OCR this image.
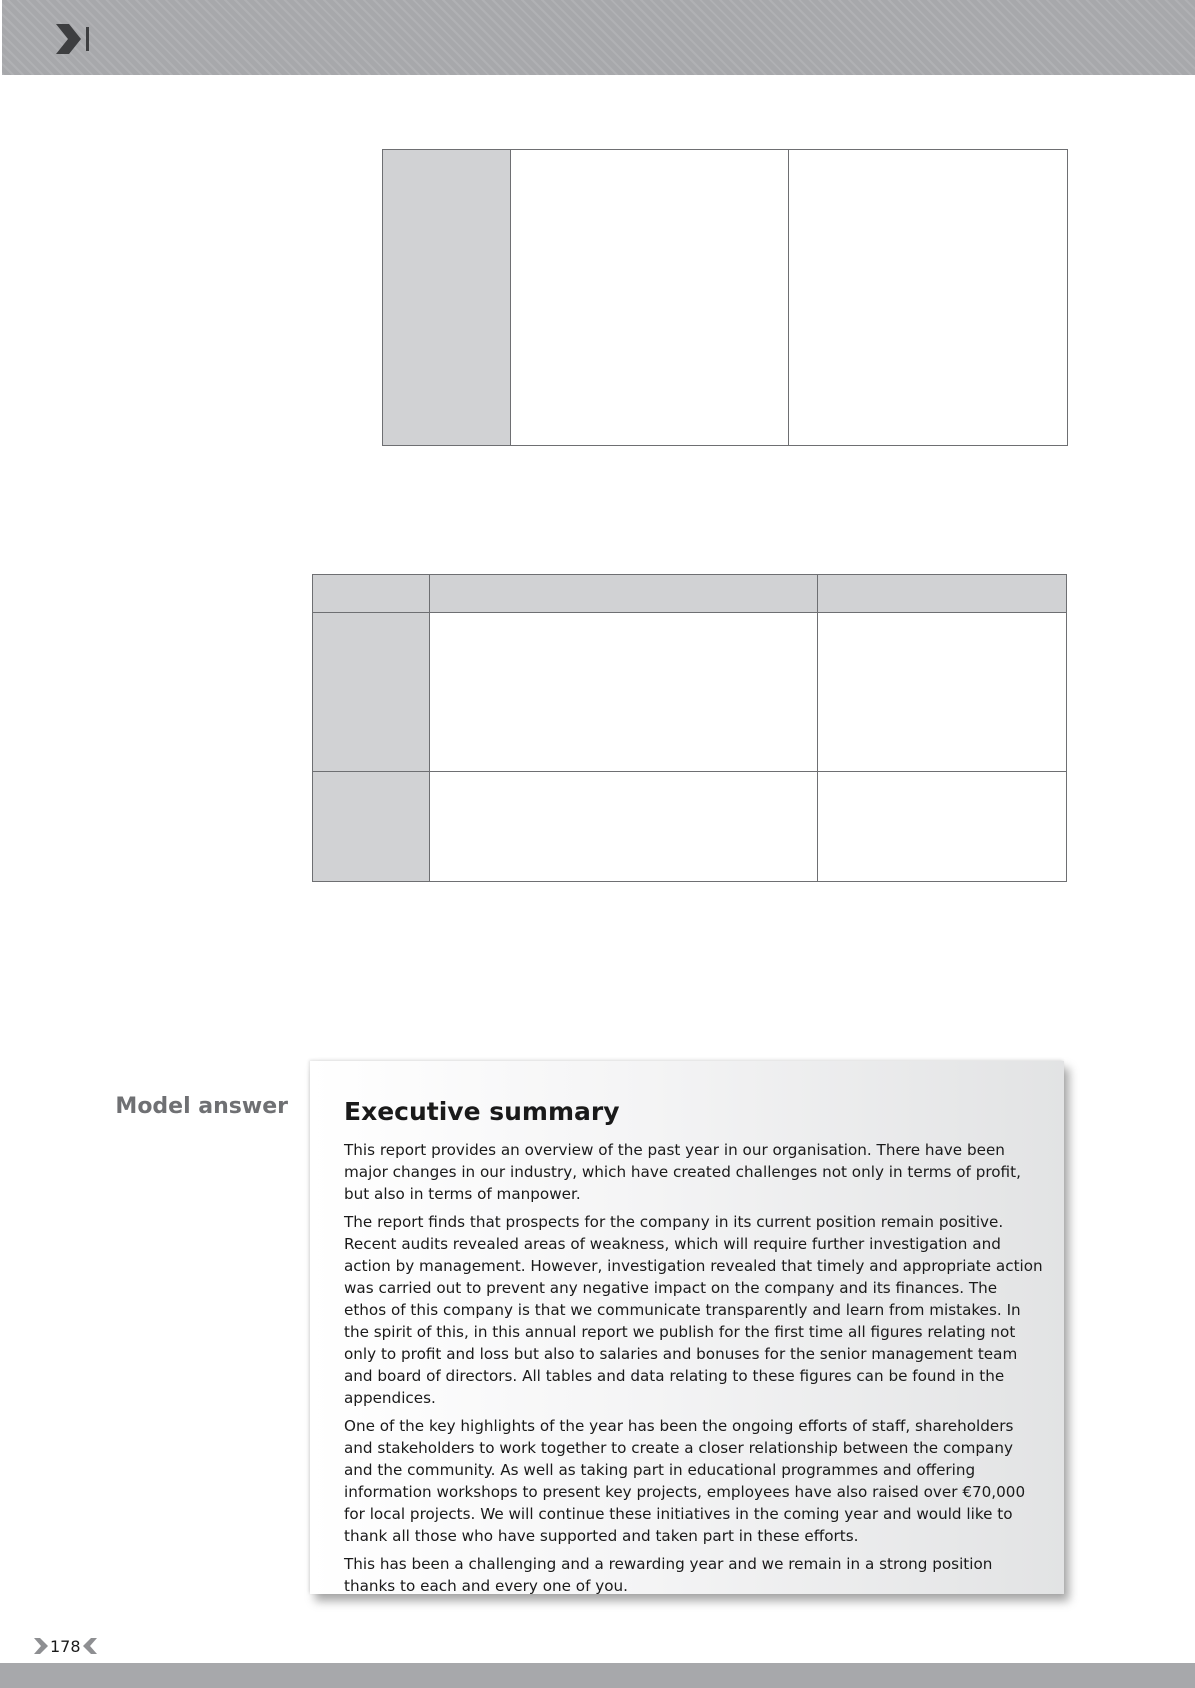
Model answer Executive summary

This report provides an overview of the past year in our organisation. There have been major changes in our industry, which have created challenges not only in terms of profit, but also in terms of manpower.

The report finds that prospects for the company in its current position remain positive. Recent audits revealed areas of weakness, which will require further investigation and action by management. However, investigation revealed that timely and appropriate action was carried out to prevent any negative impact on the company and its finances. The ethos of this company is that we communicate transparently and learn from mistakes. In the spirit of this, in this annual report we publish for the first time all figures relating not only to profit and loss but also to salaries and bonuses for the senior management team and board of directors. All tables and data relating to these figures can be found in the appendices.

One of the key highlights of the year has been the ongoing efforts of staff, shareholders and stakeholders to work together to create a closer relationship between the company and the community. As well as taking part in educational programmes and offering information workshops to present key projects, employees have also raised over €70,000 for local projects. We will continue these initiatives in the coming year and would like to thank all those who have supported and taken part in these efforts.

This has been a challenging and a rewarding year and we remain in a strong position thanks to each and every one of you.

178
